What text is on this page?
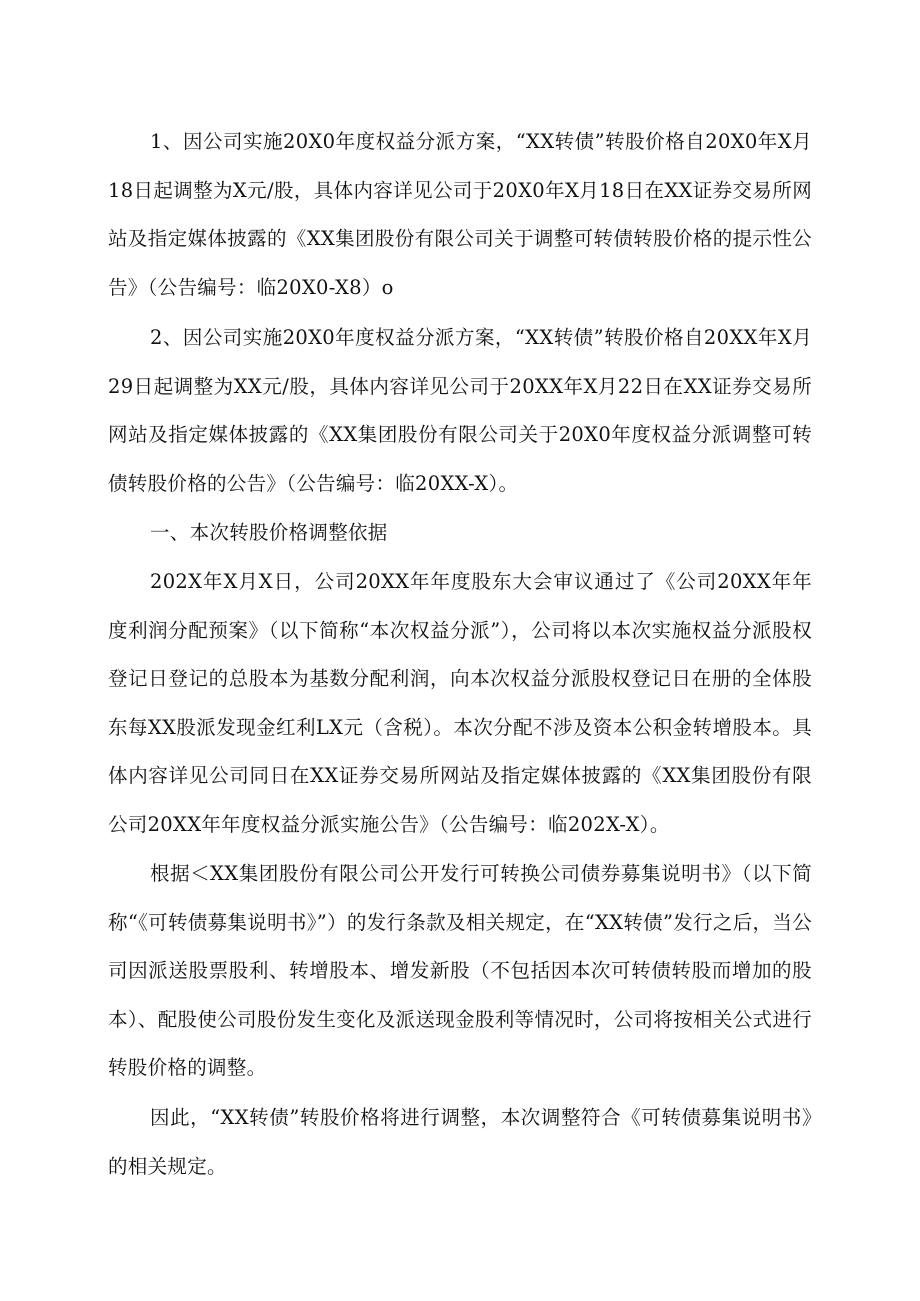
1、因公司实施20X0年度权益分派方案，“XX转债”转股价格自20X0年X月18日起调整为X元/股，具体内容详见公司于20X0年X月18日在XX证券交易所网站及指定媒体披露的《XX集团股份有限公司关于调整可转债转股价格的提示性公告》（公告编号：临20X0-X8）o

2、因公司实施20X0年度权益分派方案，“XX转债”转股价格自20XX年X月29日起调整为XX元/股，具体内容详见公司于20XX年X月22日在XX证券交易所网站及指定媒体披露的《XX集团股份有限公司关于20X0年度权益分派调整可转债转股价格的公告》（公告编号：临20XX-X）。

一、本次转股价格调整依据

202X年X月X日，公司20XX年年度股东大会审议通过了《公司20XX年年度利润分配预案》（以下简称“本次权益分派”），公司将以本次实施权益分派股权登记日登记的总股本为基数分配利润，向本次权益分派股权登记日在册的全体股东每XX股派发现金红利LX元（含税）。本次分配不涉及资本公积金转增股本。具体内容详见公司同日在XX证券交易所网站及指定媒体披露的《XX集团股份有限公司20XX年年度权益分派实施公告》（公告编号：临202X-X）。

根据＜XX集团股份有限公司公开发行可转换公司债券募集说明书》（以下简称“《可转债募集说明书》”）的发行条款及相关规定，在“XX转债”发行之后，当公司因派送股票股利、转增股本、增发新股（不包括因本次可转债转股而增加的股本）、配股使公司股份发生变化及派送现金股利等情况时，公司将按相关公式进行转股价格的调整。

因此，“XX转债”转股价格将进行调整，本次调整符合《可转债募集说明书》的相关规定。
